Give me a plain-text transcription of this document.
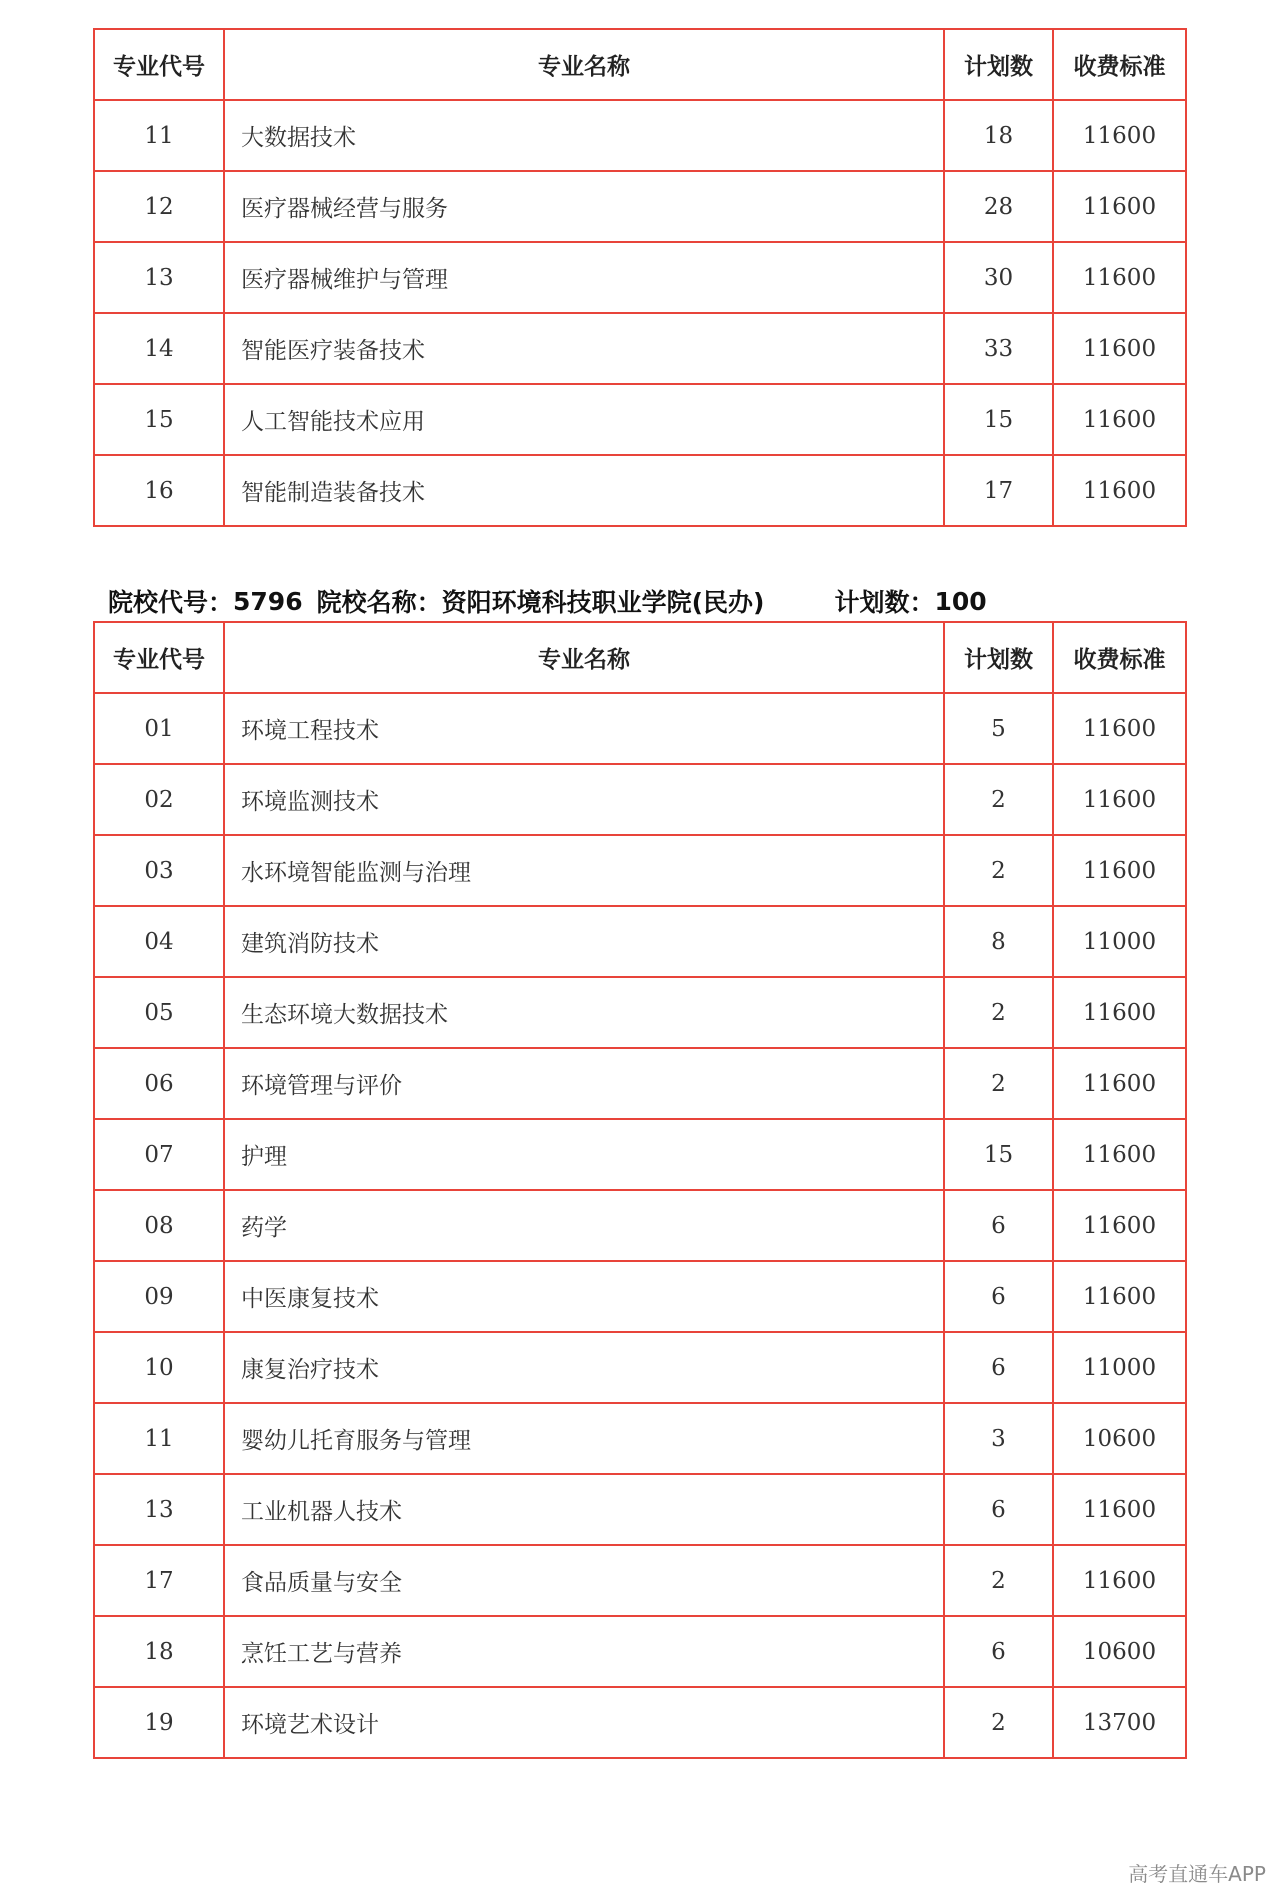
专业代号	专业名称	计划数	收费标准
11	大数据技术	18	11600
12	医疗器械经营与服务	28	11600
13	医疗器械维护与管理	30	11600
14	智能医疗装备技术	33	11600
15	人工智能技术应用	15	11600
16	智能制造装备技术	17	11600
院校代号： 5796 院校名称： 资阳环境科技职业学院(民办)	计划数： 100
专业代号	专业名称	计划数	收费标准
01	环境工程技术	5	11600
02	环境监测技术	2	11600
03	水环境智能监测与治理	2	11600
04	建筑消防技术	8	11000
05	生态环境大数据技术	2	11600
06	环境管理与评价	2	11600
07	护理	15	11600
08	药学	6	11600
09	中医康复技术	6	11600
10	康复治疗技术	6	11000
11	婴幼儿托育服务与管理	3	10600
13	工业机器人技术	6	11600
17	食品质量与安全	2	11600
18	烹饪工艺与营养	6	10600
19	环境艺术设计	2	13700
高考直通车APP
